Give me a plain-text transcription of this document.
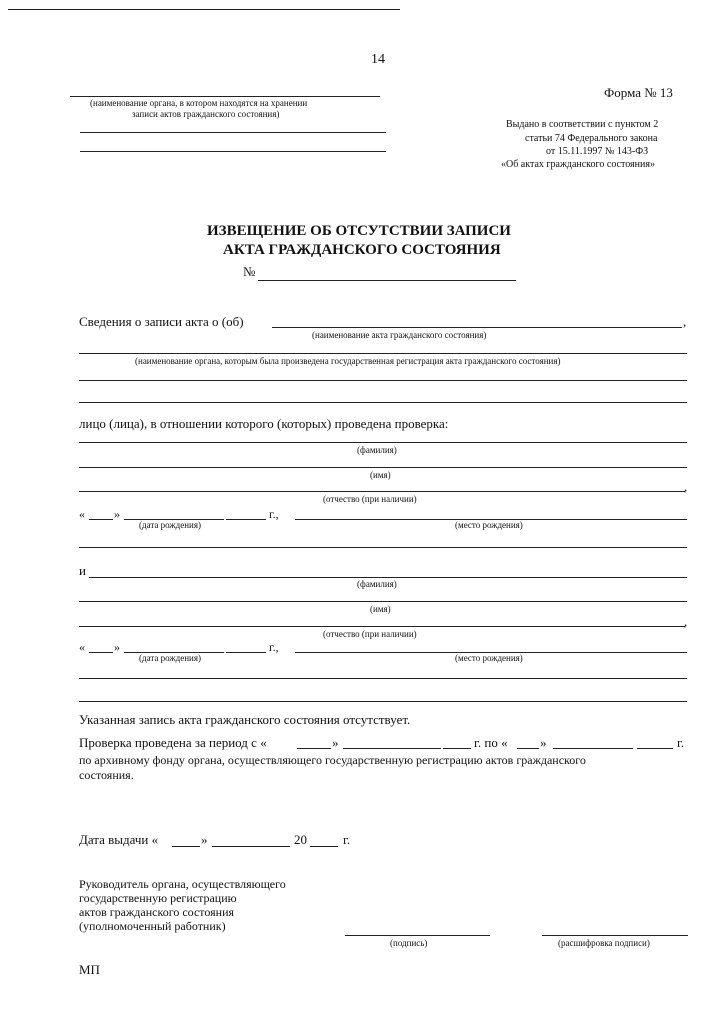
14
Форма № 13
(наименование органа, в котором находятся на хранении
записи актов гражданского состояния)
Выдано в соответствии с пунктом 2
статьи 74 Федерального закона
от 15.11.1997 № 143-ФЗ
«Об актах гражданского состояния»
ИЗВЕЩЕНИЕ ОБ ОТСУТСТВИИ ЗАПИСИ
АКТА ГРАЖДАНСКОГО СОСТОЯНИЯ
№
Сведения о записи акта о (об)	,
(наименование акта гражданского состояния)
(наименование органа, которым была произведена государственная регистрация акта гражданского состояния)
лицо (лица), в отношении которого (которых) проведена проверка:
(фамилия)
(имя)
,
(отчество (при наличии)
« »	г.,
(дата рождения)	(место рождения)
и
(фамилия)
(имя)
,
(отчество (при наличии)
« »	г.,
(дата рождения)	(место рождения)
Указанная запись акта гражданского состояния отсутствует.
Проверка проведена за период с «	»	г. по « »	г.
по архивному фонду органа, осуществляющего государственную регистрацию актов гражданского
состояния.
Дата выдачи «	»	20	г.
Руководитель органа, осуществляющего
государственную регистрацию
актов гражданского состояния
(уполномоченный работник)
(подпись)	(расшифровка подписи)
МП
